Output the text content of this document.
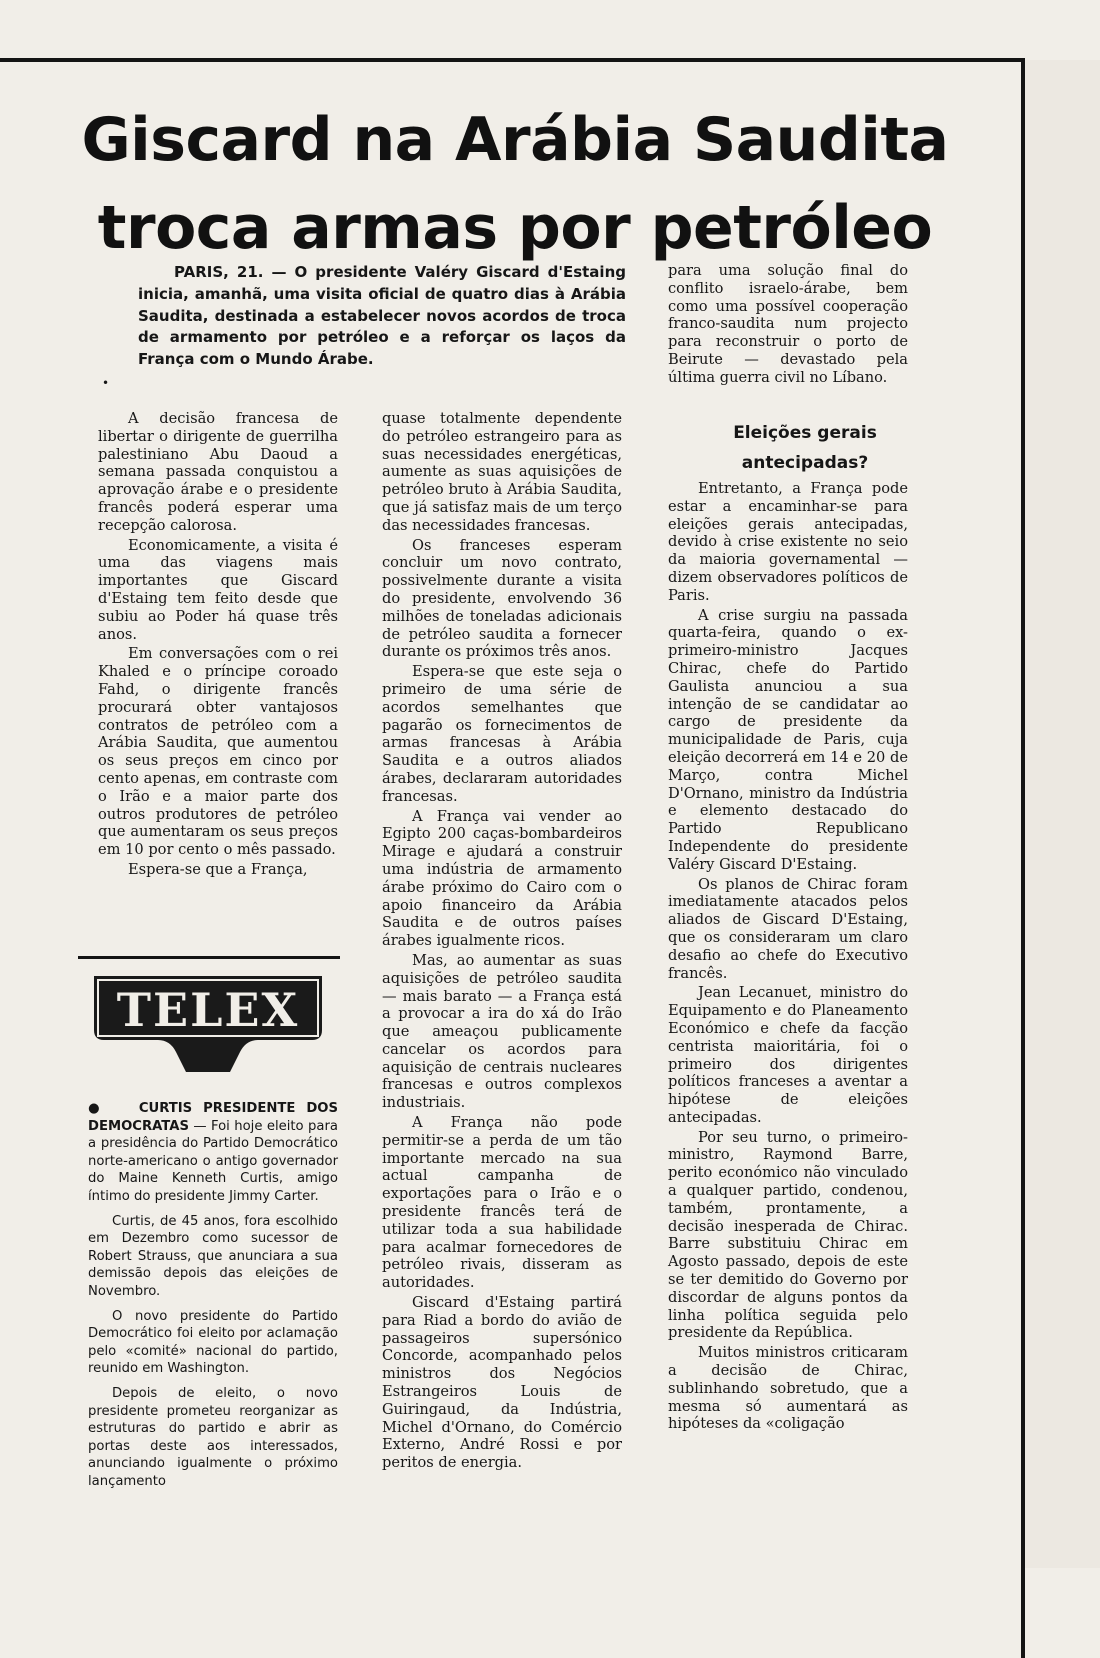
Giscard na Arábia Saudita
troca armas por petróleo

PARIS, 21. — O presidente Valéry Giscard d'Estaing inicia, amanhã, uma visita oficial de quatro dias à Arábia Saudita, destinada a estabelecer novos acordos de troca de armamento por petróleo e a reforçar os laços da França com o Mundo Árabe.

•

A decisão francesa de libertar o dirigente de guerrilha palestiniano Abu Daoud a semana passada conquistou a aprovação árabe e o presidente francês poderá esperar uma recepção calorosa.

Economicamente, a visita é uma das viagens mais importantes que Giscard d'Estaing tem feito desde que subiu ao Poder há quase três anos.

Em conversações com o rei Khaled e o príncipe coroado Fahd, o dirigente francês procurará obter vantajosos contratos de petróleo com a Arábia Saudita, que aumentou os seus preços em cinco por cento apenas, em contraste com o Irão e a maior parte dos outros produtores de petróleo que aumentaram os seus preços em 10 por cento o mês passado.

Espera-se que a França,

quase totalmente dependente do petróleo estrangeiro para as suas necessidades energéticas, aumente as suas aquisições de petróleo bruto à Arábia Saudita, que já satisfaz mais de um terço das necessidades francesas.

Os franceses esperam concluir um novo contrato, possivelmente durante a visita do presidente, envolvendo 36 milhões de toneladas adicionais de petróleo saudita a fornecer durante os próximos três anos.

Espera-se que este seja o primeiro de uma série de acordos semelhantes que pagarão os fornecimentos de armas francesas à Arábia Saudita e a outros aliados árabes, declararam autoridades francesas.

A França vai vender ao Egipto 200 caças-bombardeiros Mirage e ajudará a construir uma indústria de armamento árabe próximo do Cairo com o apoio financeiro da Arábia Saudita e de outros países árabes igualmente ricos.

Mas, ao aumentar as suas aquisições de petróleo saudita — mais barato — a França está a provocar a ira do xá do Irão que ameaçou publicamente cancelar os acordos para aquisição de centrais nucleares francesas e outros complexos industriais.

A França não pode permitir-se a perda de um tão importante mercado na sua actual campanha de exportações para o Irão e o presidente francês terá de utilizar toda a sua habilidade para acalmar fornecedores de petróleo rivais, disseram as autoridades.

Giscard d'Estaing partirá para Riad a bordo do avião de passageiros supersónico Concorde, acompanhado pelos ministros dos Negócios Estrangeiros Louis de Guiringaud, da Indústria, Michel d'Ornano, do Comércio Externo, André Rossi e por peritos de energia.

para uma solução final do conflito israelo-árabe, bem como uma possível cooperação franco-saudita num projecto para reconstruir o porto de Beirute — devastado pela última guerra civil no Líbano.

Eleições gerais
antecipadas?

Entretanto, a França pode estar a encaminhar-se para eleições gerais antecipadas, devido à crise existente no seio da maioria governamental — dizem observadores políticos de Paris.

A crise surgiu na passada quarta-feira, quando o ex-primeiro-ministro Jacques Chirac, chefe do Partido Gaulista anunciou a sua intenção de se candidatar ao cargo de presidente da municipalidade de Paris, cuja eleição decorrerá em 14 e 20 de Março, contra Michel D'Ornano, ministro da Indústria e elemento destacado do Partido Republicano Independente do presidente Valéry Giscard D'Estaing.

Os planos de Chirac foram imediatamente atacados pelos aliados de Giscard D'Estaing, que os consideraram um claro desafio ao chefe do Executivo francês.

Jean Lecanuet, ministro do Equipamento e do Planeamento Económico e chefe da facção centrista maioritária, foi o primeiro dos dirigentes políticos franceses a aventar a hipótese de eleições antecipadas.

Por seu turno, o primeiro-ministro, Raymond Barre, perito económico não vinculado a qualquer partido, condenou, também, prontamente, a decisão inesperada de Chirac. Barre substituiu Chirac em Agosto passado, depois de este se ter demitido do Governo por discordar de alguns pontos da linha política seguida pelo presidente da República.

Muitos ministros criticaram a decisão de Chirac, sublinhando sobretudo, que a mesma só aumentará as hipóteses da «coligação

TELEX

●   CURTIS PRESIDENTE DOS DEMOCRATAS — Foi hoje eleito para a presidência do Partido Democrático norte-americano o antigo governador do Maine Kenneth Curtis, amigo íntimo do presidente Jimmy Carter.

Curtis, de 45 anos, fora escolhido em Dezembro como sucessor de Robert Strauss, que anunciara a sua demissão depois das eleições de Novembro.

O novo presidente do Partido Democrático foi eleito por aclamação pelo «comité» nacional do partido, reunido em Washington.

Depois de eleito, o novo presidente prometeu reorganizar as estruturas do partido e abrir as portas deste aos interessados, anunciando igualmente o próximo lançamento
